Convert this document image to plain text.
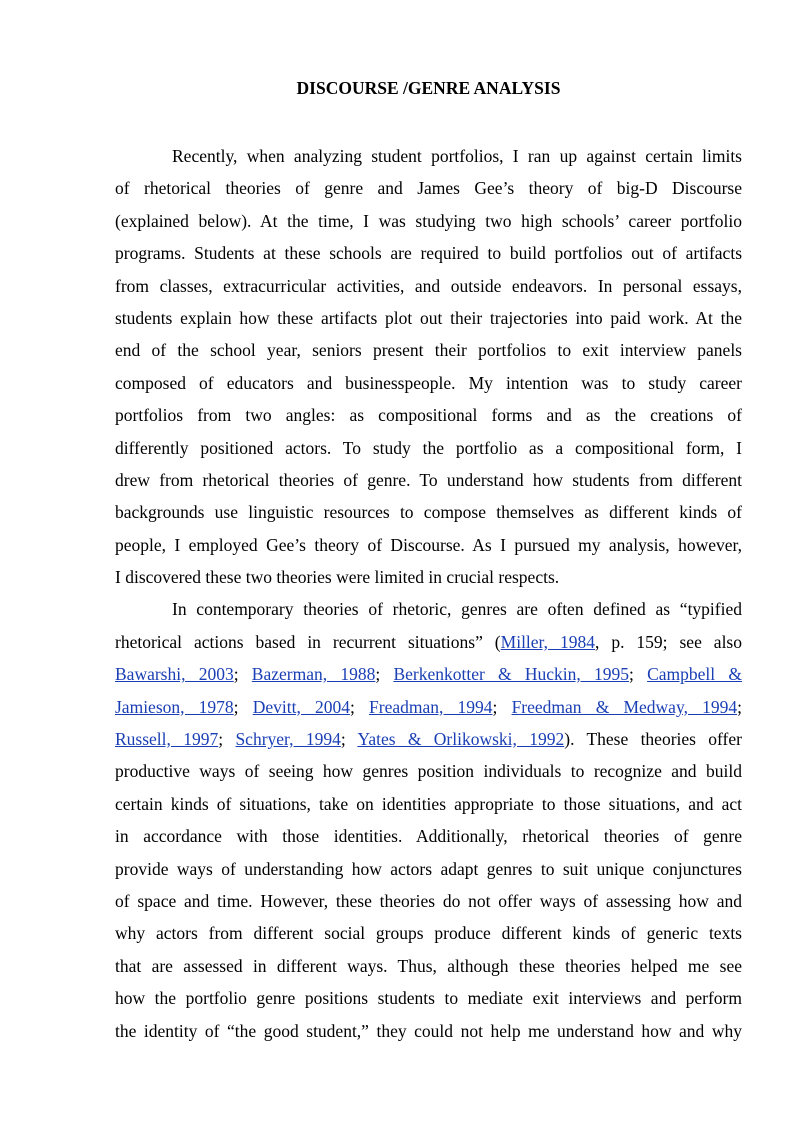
DISCOURSE /GENRE ANALYSIS
Recently, when analyzing student portfolios, I ran up against certain limits
of rhetorical theories of genre and James Gee’s theory of big-D Discourse
(explained below). At the time, I was studying two high schools’ career portfolio
programs. Students at these schools are required to build portfolios out of artifacts
from classes, extracurricular activities, and outside endeavors. In personal essays,
students explain how these artifacts plot out their trajectories into paid work. At the
end of the school year, seniors present their portfolios to exit interview panels
composed of educators and businesspeople. My intention was to study career
portfolios from two angles: as compositional forms and as the creations of
differently positioned actors. To study the portfolio as a compositional form, I
drew from rhetorical theories of genre. To understand how students from different
backgrounds use linguistic resources to compose themselves as different kinds of
people, I employed Gee’s theory of Discourse. As I pursued my analysis, however,
I discovered these two theories were limited in crucial respects.
In contemporary theories of rhetoric, genres are often defined as “typified
rhetorical actions based in recurrent situations” (Miller, 1984, p. 159; see also
Bawarshi, 2003; Bazerman, 1988; Berkenkotter & Huckin, 1995; Campbell &
Jamieson, 1978; Devitt, 2004; Freadman, 1994; Freedman & Medway, 1994;
Russell, 1997; Schryer, 1994; Yates & Orlikowski, 1992). These theories offer
productive ways of seeing how genres position individuals to recognize and build
certain kinds of situations, take on identities appropriate to those situations, and act
in accordance with those identities. Additionally, rhetorical theories of genre
provide ways of understanding how actors adapt genres to suit unique conjunctures
of space and time. However, these theories do not offer ways of assessing how and
why actors from different social groups produce different kinds of generic texts
that are assessed in different ways. Thus, although these theories helped me see
how the portfolio genre positions students to mediate exit interviews and perform
the identity of “the good student,” they could not help me understand how and why
